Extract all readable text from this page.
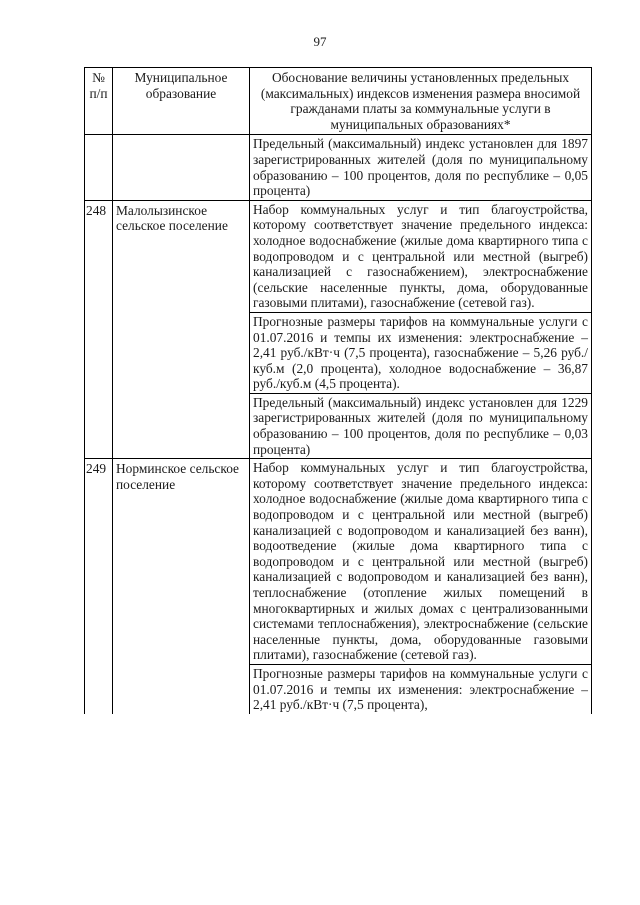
97
№ п/п	Муниципальное образование	Обоснование величины установленных предельных (максимальных) индексов изменения размера вносимой гражданами платы за коммунальные услуги в муниципальных образованиях*

		Предельный (максимальный) индекс установлен для 1897 зарегистрированных жителей (доля по муниципальному образованию – 100 процентов, доля по республике – 0,05 процента)

248	Малолызинское сельское поселение	Набор коммунальных услуг и тип благоустройства, которому соответствует значение предельного индекса: холодное водоснабжение (жилые дома квартирного типа с водопроводом и с центральной или местной (выгреб) канализацией с газоснабжением), электроснабжение (сельские населенные пункты, дома, оборудованные газовыми плитами), газоснабжение (сетевой газ).
Прогнозные размеры тарифов на коммунальные услуги с 01.07.2016 и темпы их изменения: электроснабжение – 2,41 руб./кВт·ч (7,5 процента), газоснабжение – 5,26 руб./куб.м (2,0 процента), холодное водоснабжение – 36,87 руб./куб.м (4,5 процента).
Предельный (максимальный) индекс установлен для 1229 зарегистрированных жителей (доля по муниципальному образованию – 100 процентов, доля по республике – 0,03 процента)

249	Норминское сельское поселение	Набор коммунальных услуг и тип благоустройства, которому соответствует значение предельного индекса: холодное водоснабжение (жилые дома квартирного типа с водопроводом и с центральной или местной (выгреб) канализацией с водопроводом и канализацией без ванн), водоотведение (жилые дома квартирного типа с водопроводом и с центральной или местной (выгреб) канализацией с водопроводом и канализацией без ванн), теплоснабжение (отопление жилых помещений в многоквартирных и жилых домах с централизованными системами теплоснабжения), электроснабжение (сельские населенные пункты, дома, оборудованные газовыми плитами), газоснабжение (сетевой газ).
Прогнозные размеры тарифов на коммунальные услуги с 01.07.2016 и темпы их изменения: электроснабжение – 2,41 руб./кВт·ч (7,5 процента),
